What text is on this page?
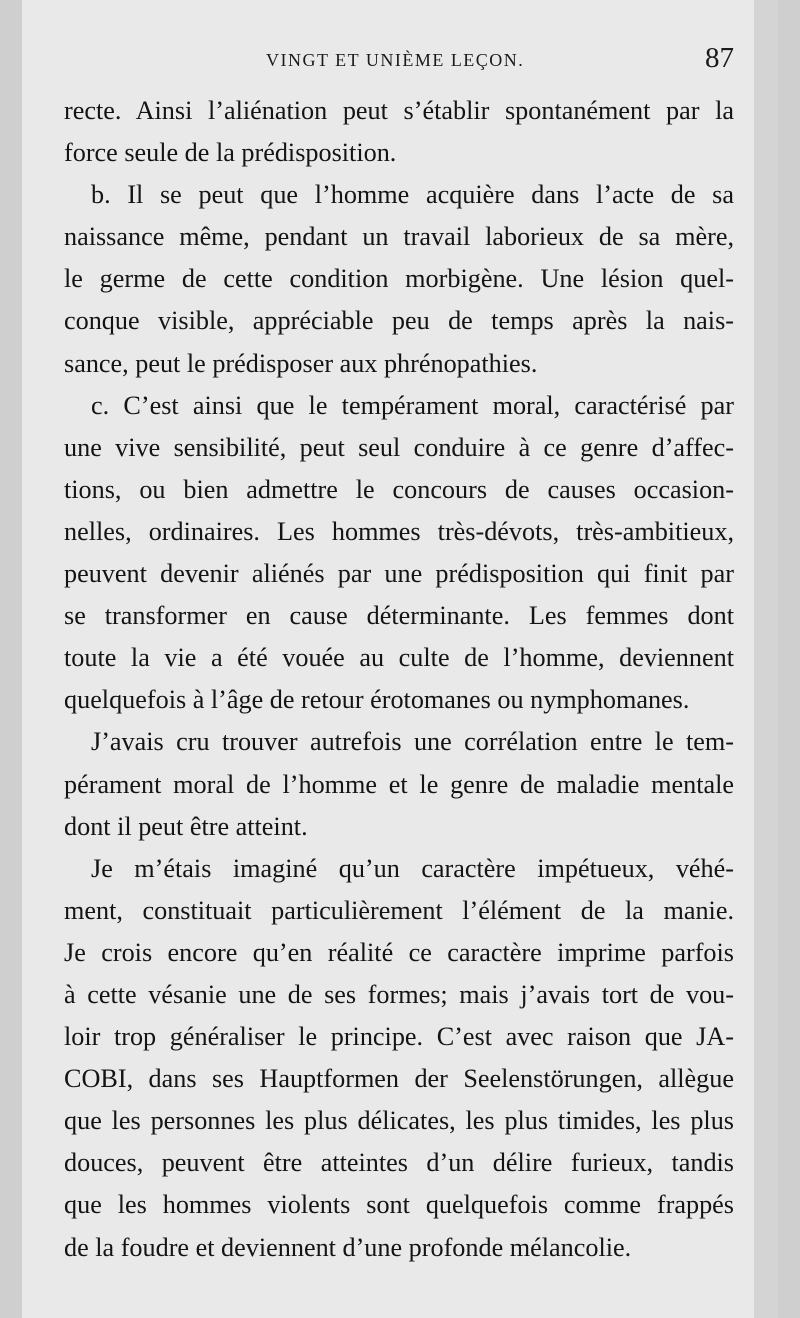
VINGT ET UNIÈME LEÇON.	87
recte. Ainsi l’aliénation peut s’établir spontanément par la
force seule de la prédisposition.
b. Il se peut que l’homme acquière dans l’acte de sa
naissance même, pendant un travail laborieux de sa mère,
le germe de cette condition morbigène. Une lésion quel-
conque visible, appréciable peu de temps après la nais-
sance, peut le prédisposer aux phrénopathies.
c. C’est ainsi que le tempérament moral, caractérisé par
une vive sensibilité, peut seul conduire à ce genre d’affec-
tions, ou bien admettre le concours de causes occasion-
nelles, ordinaires. Les hommes très-dévots, très-ambitieux,
peuvent devenir aliénés par une prédisposition qui finit par
se transformer en cause déterminante. Les femmes dont
toute la vie a été vouée au culte de l’homme, deviennent
quelquefois à l’âge de retour érotomanes ou nymphomanes.
J’avais cru trouver autrefois une corrélation entre le tem-
pérament moral de l’homme et le genre de maladie mentale
dont il peut être atteint.
Je m’étais imaginé qu’un caractère impétueux, véhé-
ment, constituait particulièrement l’élément de la manie.
Je crois encore qu’en réalité ce caractère imprime parfois
à cette vésanie une de ses formes; mais j’avais tort de vou-
loir trop généraliser le principe. C’est avec raison que JA-
COBI, dans ses Hauptformen der Seelenstörungen, allègue
que les personnes les plus délicates, les plus timides, les plus
douces, peuvent être atteintes d’un délire furieux, tandis
que les hommes violents sont quelquefois comme frappés
de la foudre et deviennent d’une profonde mélancolie.
